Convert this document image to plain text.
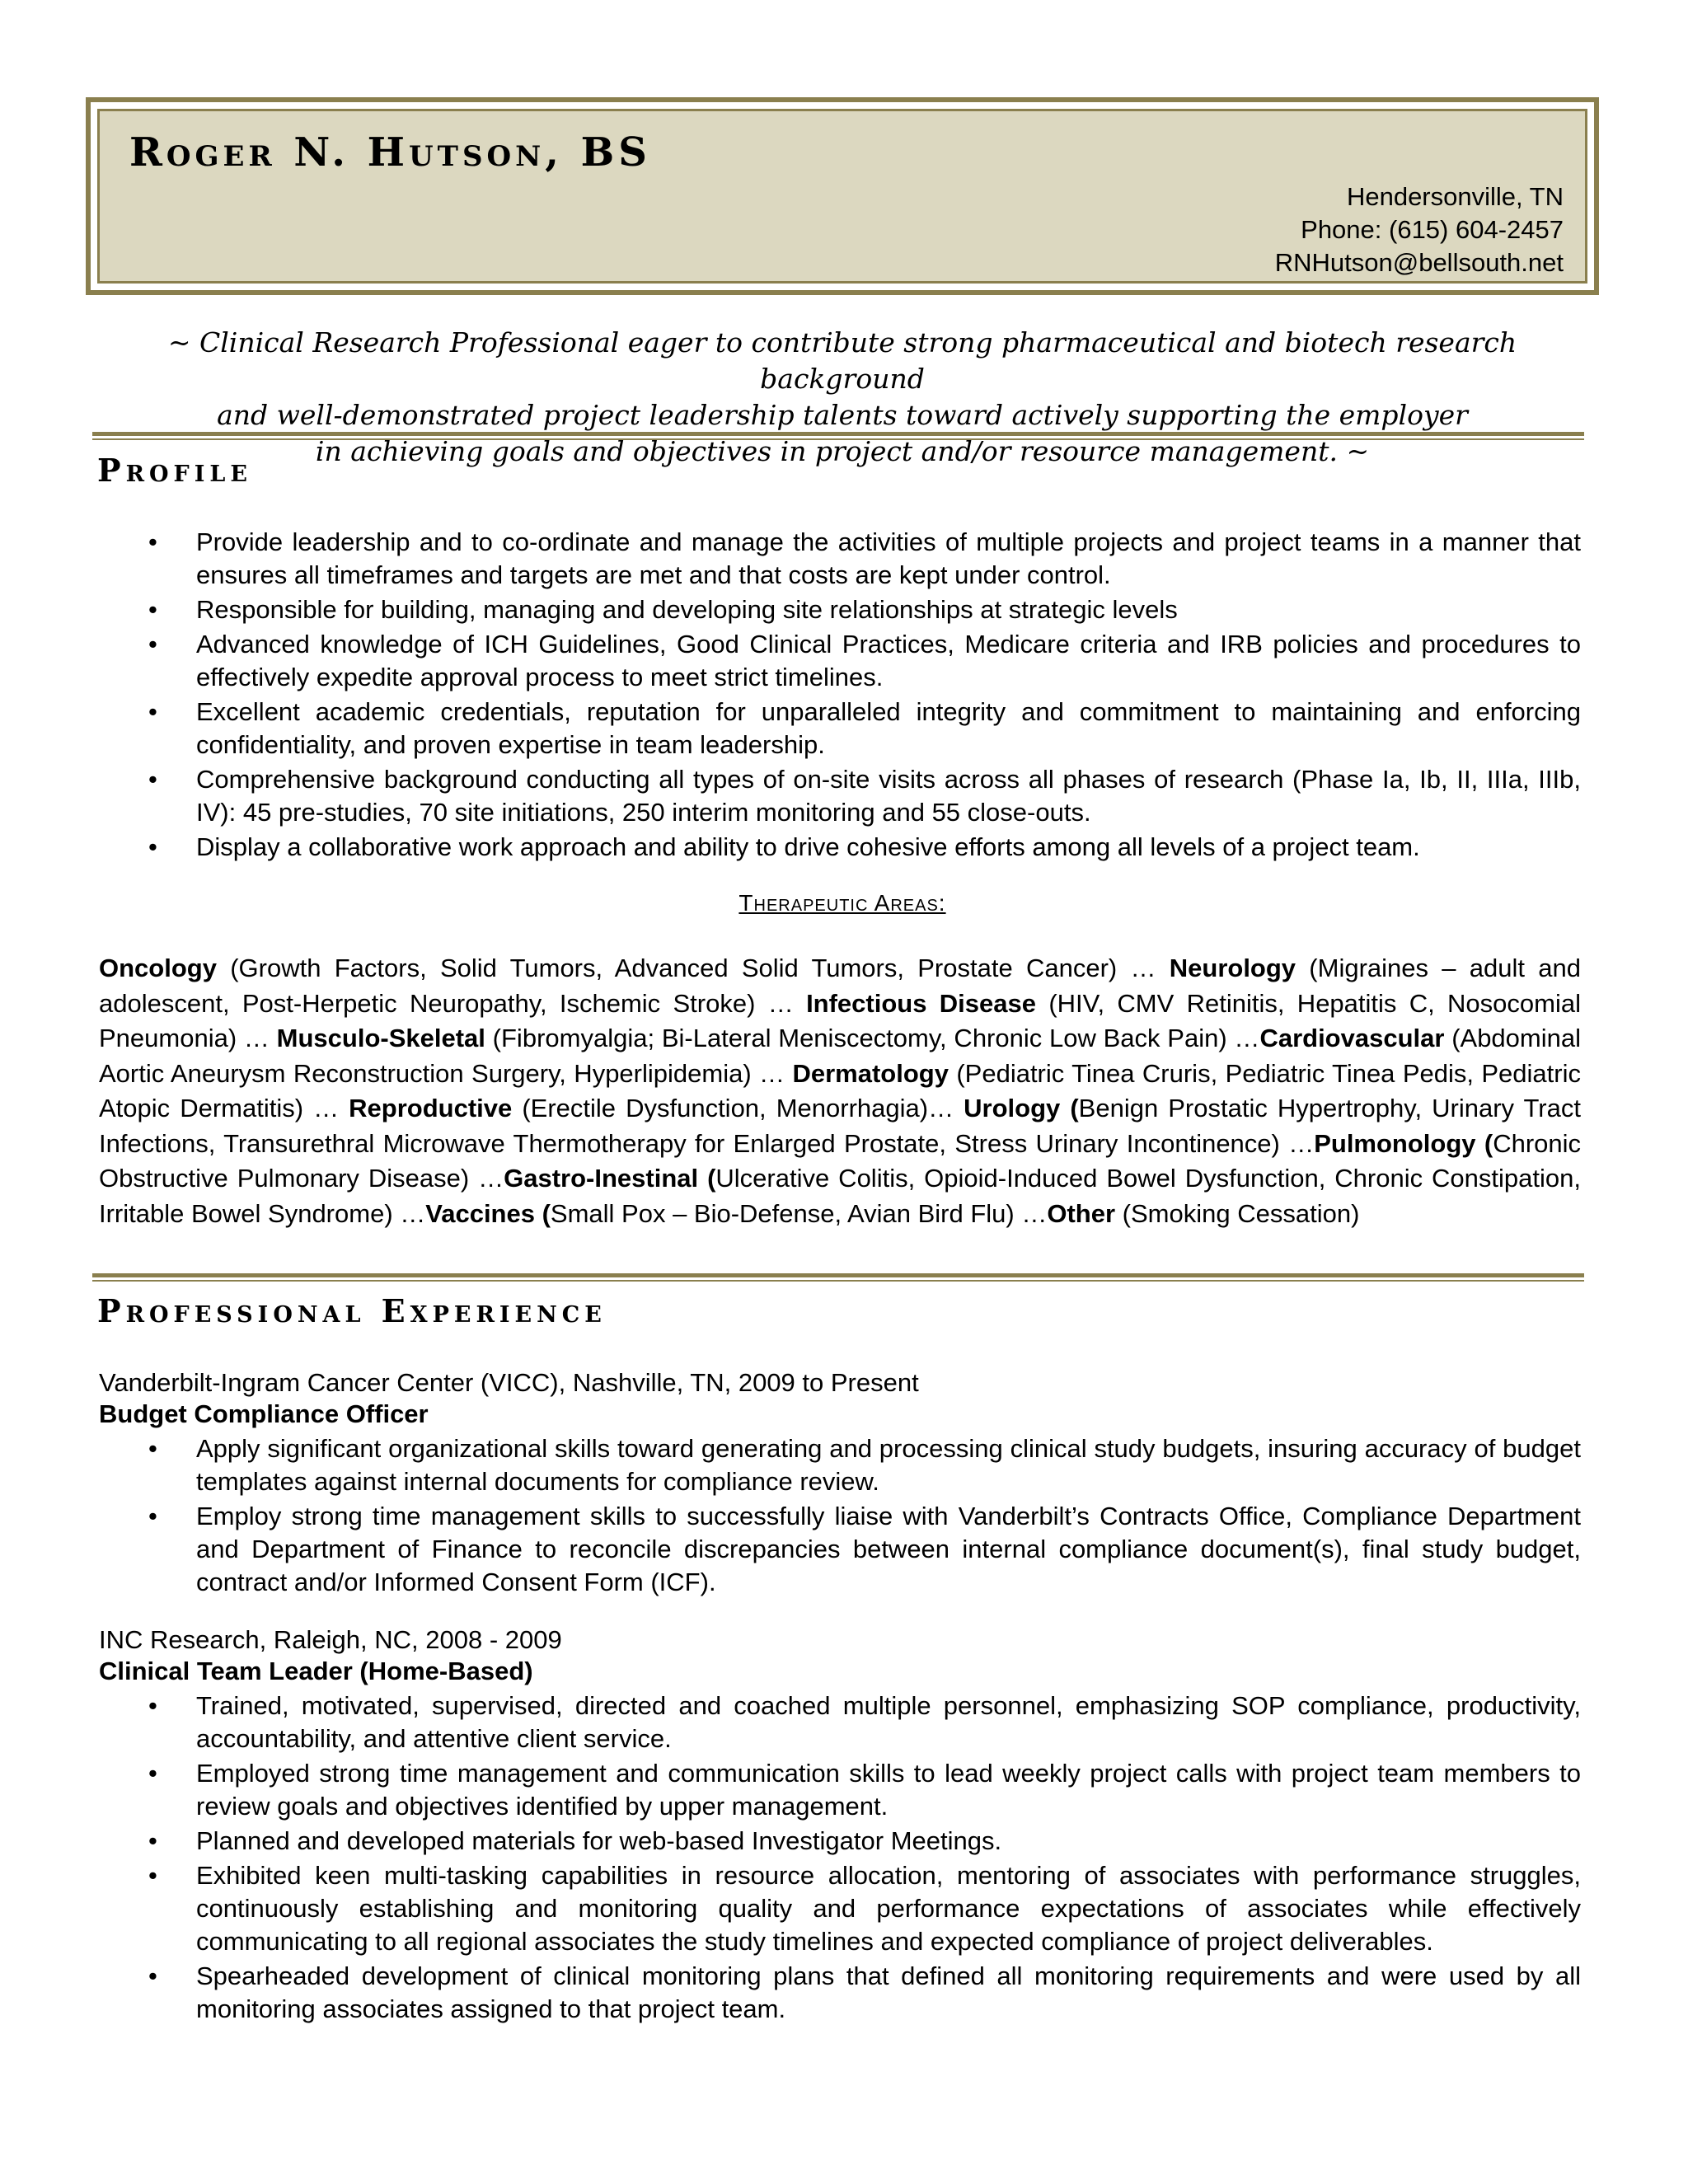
Roger N. Hutson, BS
Hendersonville, TN
Phone: (615) 604-2457
RNHutson@bellsouth.net
~ Clinical Research Professional eager to contribute strong pharmaceutical and biotech research background
and well-demonstrated project leadership talents toward actively supporting the employer
in achieving goals and objectives in project and/or resource management. ~
Profile
• Provide leadership and to co-ordinate and manage the activities of multiple projects and project teams in a manner that ensures all timeframes and targets are met and that costs are kept under control.
• Responsible for building, managing and developing site relationships at strategic levels
• Advanced knowledge of ICH Guidelines, Good Clinical Practices, Medicare criteria and IRB policies and procedures to effectively expedite approval process to meet strict timelines.
• Excellent academic credentials, reputation for unparalleled integrity and commitment to maintaining and enforcing confidentiality, and proven expertise in team leadership.
• Comprehensive background conducting all types of on-site visits across all phases of research (Phase Ia, Ib, II, IIIa, IIIb, IV): 45 pre-studies, 70 site initiations, 250 interim monitoring and 55 close-outs.
• Display a collaborative work approach and ability to drive cohesive efforts among all levels of a project team.
Therapeutic Areas:

Oncology (Growth Factors, Solid Tumors, Advanced Solid Tumors, Prostate Cancer) … Neurology (Migraines – adult and adolescent, Post-Herpetic Neuropathy, Ischemic Stroke) … Infectious Disease (HIV, CMV Retinitis, Hepatitis C, Nosocomial Pneumonia) … Musculo-Skeletal (Fibromyalgia; Bi-Lateral Meniscectomy, Chronic Low Back Pain) …Cardiovascular (Abdominal Aortic Aneurysm Reconstruction Surgery, Hyperlipidemia) … Dermatology (Pediatric Tinea Cruris, Pediatric Tinea Pedis, Pediatric Atopic Dermatitis) … Reproductive (Erectile Dysfunction, Menorrhagia)… Urology (Benign Prostatic Hypertrophy, Urinary Tract Infections, Transurethral Microwave Thermotherapy for Enlarged Prostate, Stress Urinary Incontinence) …Pulmonology (Chronic Obstructive Pulmonary Disease) …Gastro-Inestinal (Ulcerative Colitis, Opioid-Induced Bowel Dysfunction, Chronic Constipation, Irritable Bowel Syndrome) …Vaccines (Small Pox – Bio-Defense, Avian Bird Flu) …Other (Smoking Cessation)

Professional Experience
Vanderbilt-Ingram Cancer Center (VICC), Nashville, TN, 2009 to Present
Budget Compliance Officer
• Apply significant organizational skills toward generating and processing clinical study budgets, insuring accuracy of budget templates against internal documents for compliance review.
• Employ strong time management skills to successfully liaise with Vanderbilt’s Contracts Office, Compliance Department and Department of Finance to reconcile discrepancies between internal compliance document(s), final study budget, contract and/or Informed Consent Form (ICF).
INC Research, Raleigh, NC, 2008 - 2009
Clinical Team Leader (Home-Based)
• Trained, motivated, supervised, directed and coached multiple personnel, emphasizing SOP compliance, productivity, accountability, and attentive client service.
• Employed strong time management and communication skills to lead weekly project calls with project team members to review goals and objectives identified by upper management.
• Planned and developed materials for web-based Investigator Meetings.
• Exhibited keen multi-tasking capabilities in resource allocation, mentoring of associates with performance struggles, continuously establishing and monitoring quality and performance expectations of associates while effectively communicating to all regional associates the study timelines and expected compliance of project deliverables.
• Spearheaded development of clinical monitoring plans that defined all monitoring requirements and were used by all monitoring associates assigned to that project team.
